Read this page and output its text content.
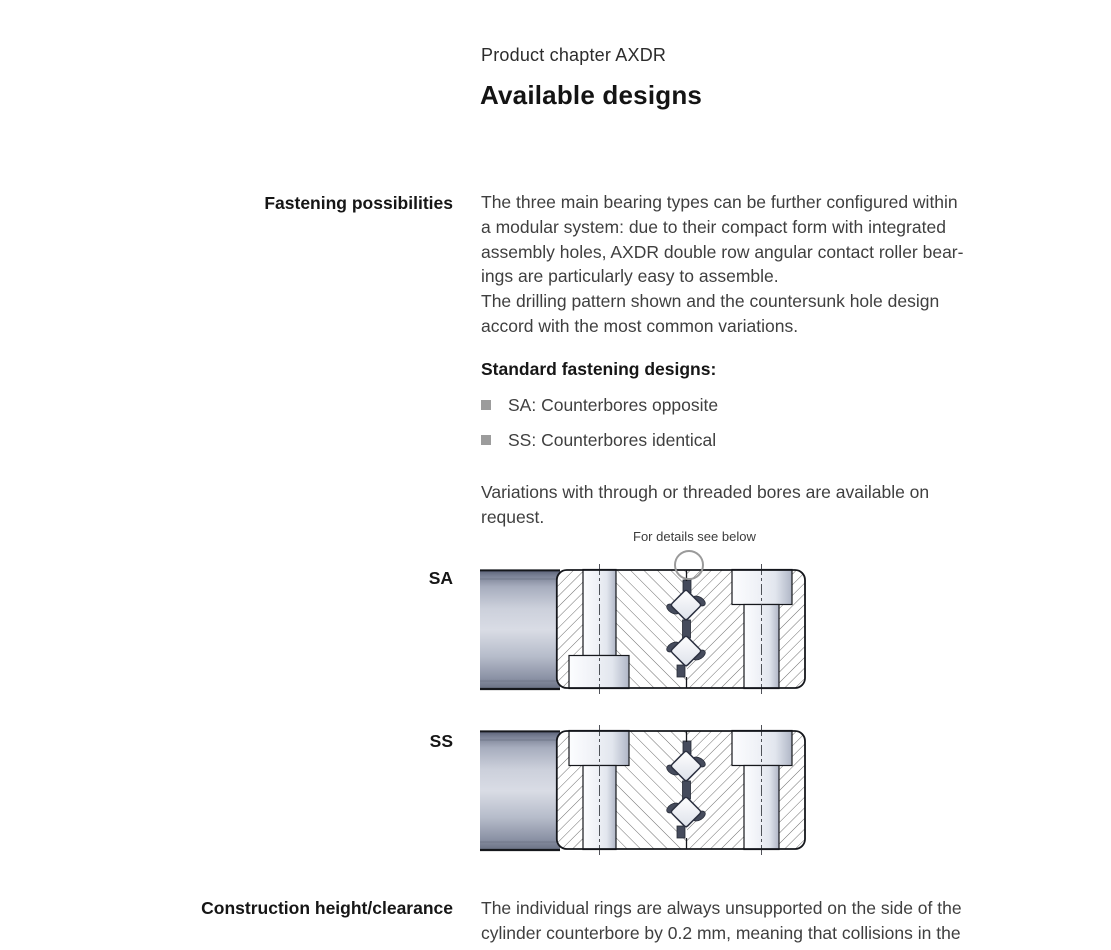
Product chapter AXDR
Available designs
Fastening possibilities The three main bearing types can be further configured within
a modular system: due to their compact form with integrated
assembly holes, AXDR double row angular contact roller bear-
ings are particularly easy to assemble.
The drilling pattern shown and the countersunk hole design
accord with the most common variations.
Standard fastening designs:
SA: Counterbores opposite
SS: Counterbores identical
Variations with through or threaded bores are available on
request.
For details see below
SA
SS
Construction height/clearance The individual rings are always unsupported on the side of the
cylinder counterbore by 0.2 mm, meaning that collisions in the
